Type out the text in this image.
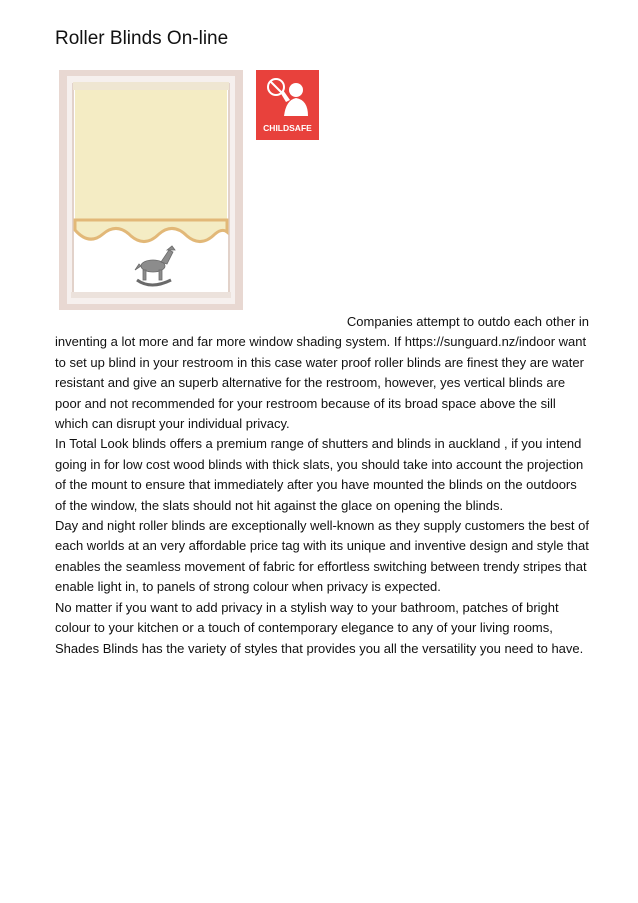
Roller Blinds On-line
CHILDSAFE

Companies attempt to outdo each other in
inventing a lot more and far more window shading system. If https://sunguard.nz/indoor want to set up blind in your restroom in this case water proof roller blinds are finest they are water resistant and give an superb alternative for the restroom, however, yes vertical blinds are poor and not recommended for your restroom because of its broad space above the sill which can disrupt your individual privacy.

In Total Look blinds offers a premium range of shutters and blinds in auckland , if you intend going in for low cost wood blinds with thick slats, you should take into account the projection of the mount to ensure that immediately after you have mounted the blinds on the outdoors of the window, the slats should not hit against the glace on opening the blinds.

Day and night roller blinds are exceptionally well-known as they supply customers the best of each worlds at an very affordable price tag with its unique and inventive design and style that enables the seamless movement of fabric for effortless switching between trendy stripes that enable light in, to panels of strong colour when privacy is expected.

No matter if you want to add privacy in a stylish way to your bathroom, patches of bright colour to your kitchen or a touch of contemporary elegance to any of your living rooms, Shades Blinds has the variety of styles that provides you all the versatility you need to have.
